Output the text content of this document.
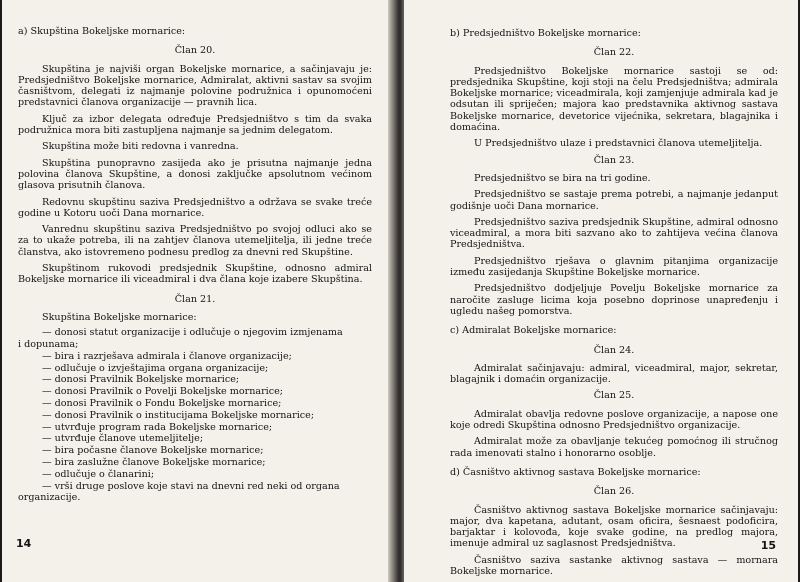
a) Skupština Bokeljske mornarice:
Član 20.

Skupština je najviši organ Bokeljske mornarice, a sačinjavaju je: Predsjedništvo Bokeljske mornarice, Admiralat, aktivni sastav sa svojim časništvom, delegati iz najmanje polovine podružnica i opunomoćeni predstavnici članova organizacije — pravnih lica.

Ključ za izbor delegata određuje Predsjedništvo s tim da svaka podružnica mora biti zastupljena najmanje sa jednim delegatom.

Skupština može biti redovna i vanredna.

Skupština punopravno zasijeda ako je prisutna najmanje jedna polovina članova Skupštine, a donosi zaključke apsolutnom većinom glasova prisutnih članova.

Redovnu skupštinu saziva Predsjedništvo a održava se svake treće godine u Kotoru uoči Dana mornarice.

Vanrednu skupštinu saziva Predsjedništvo po svojoj odluci ako se za to ukaže potreba, ili na zahtjev članova utemeljitelja, ili jedne treće članstva, ako istovremeno podnesu predlog za dnevni red Skupštine.

Skupštinom rukovodi predsjednik Skupštine, odnosno admiral Bokeljske mornarice ili viceadmiral i dva člana koje izabere Skupština.

Član 21.

Skupština Bokeljske mornarice:

— donosi statut organizacije i odlučuje o njegovim izmjenama
i dopunama;
— bira i razrješava admirala i članove organizacije;
— odlučuje o izvještajima organa organizacije;
— donosi Pravilnik Bokeljske mornarice;
— donosi Pravilnik o Povelji Bokeljske mornarice;
— donosi Pravilnik o Fondu Bokeljske mornarice;
— donosi Pravilnik o institucijama Bokeljske mornarice;
— utvrđuje program rada Bokeljske mornarice;
— utvrđuje članove utemeljitelje;
— bira počasne članove Bokeljske mornarice;
— bira zaslužne članove Bokeljske mornarice;
— odlučuje o članarini;
— vrši druge poslove koje stavi na dnevni red neki od organa
organizacije.
14
b) Predsjedništvo Bokeljske mornarice:
Član 22.

Predsjedništvo Bokeljske mornarice sastoji se od: predsjednika Skupštine, koji stoji na čelu Predsjedništva; admirala Bokeljske mornarice; viceadmirala, koji zamjenjuje admirala kad je odsutan ili spriječen; majora kao predstavnika aktivnog sastava Bokeljske mornarice, devetorice vijećnika, sekretara, blagajnika i domaćina.

U Predsjedništvo ulaze i predstavnici članova utemeljitelja.

Član 23.

Predsjedništvo se bira na tri godine.

Predsjedništvo se sastaje prema potrebi, a najmanje jedanput godišnje uoči Dana mornarice.

Predsjedništvo saziva predsjednik Skupštine, admiral odnosno viceadmiral, a mora biti sazvano ako to zahtijeva većina članova Predsjedništva.

Predsjedništvo rješava o glavnim pitanjima organizacije između zasijedanja Skupštine Bokeljske mornarice.

Predsjedništvo dodjeljuje Povelju Bokeljske mornarice za naročite zasluge licima koja posebno doprinose unapređenju i ugledu našeg pomorstva.

c) Admiralat Bokeljske mornarice:
Član 24.

Admiralat sačinjavaju: admiral, viceadmiral, major, sekretar, blagajnik i domaćin organizacije.

Član 25.

Admiralat obavlja redovne poslove organizacije, a napose one koje odredi Skupština odnosno Predsjedništvo organizacije.

Admiralat može za obavljanje tekućeg pomoćnog ili stručnog rada imenovati stalno i honorarno osoblje.

d) Časništvo aktivnog sastava Bokeljske mornarice:
Član 26.

Časništvo aktivnog sastava Bokeljske mornarice sačinjavaju: major, dva kapetana, adutant, osam oficira, šesnaest podoficira, barjaktar i kolovođa, koje svake godine, na predlog majora, imenuje admiral uz saglasnost Predsjedništva.

Časništvo saziva sastanke aktivnog sastava — mornara Bokeljske mornarice.

15
